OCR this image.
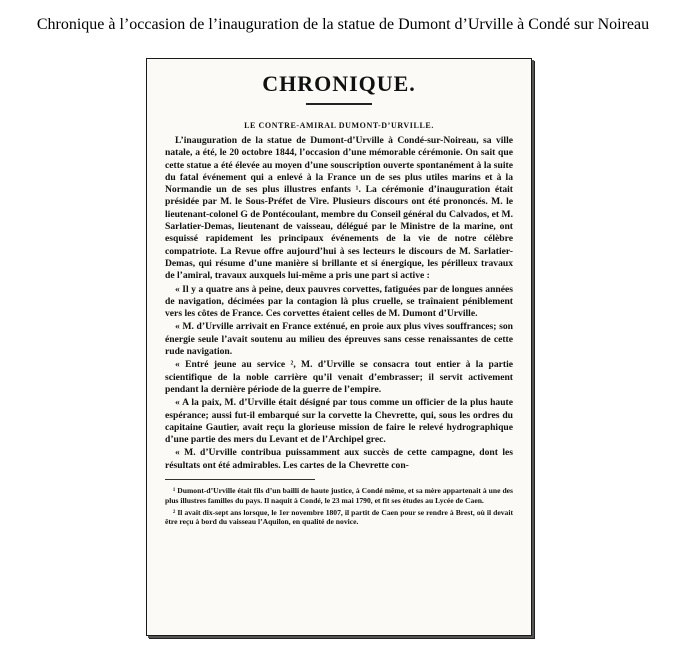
Chronique à l’occasion de l’inauguration de la statue de Dumont d’Urville à Condé sur Noireau
CHRONIQUE.
LE CONTRE-AMIRAL DUMONT-D’URVILLE.

L’inauguration de la statue de Dumont-d’Urville à Condé-sur-Noireau, sa ville natale, a été, le 20 octobre 1844, l’occasion d’une mémorable cérémonie. On sait que cette statue a été élevée au moyen d’une souscription ouverte spontanément à la suite du fatal événement qui a enlevé à la France un de ses plus utiles marins et à la Normandie un de ses plus illustres enfants ¹. La cérémonie d’inauguration était présidée par M. le Sous-Préfet de Vire. Plusieurs discours ont été prononcés. M. le lieutenant-colonel G de Pontécoulant, membre du Conseil général du Calvados, et M. Sarlatier-Demas, lieutenant de vaisseau, délégué par le Ministre de la marine, ont esquissé rapidement les principaux événements de la vie de notre célèbre compatriote. La Revue offre aujourd’hui à ses lecteurs le discours de M. Sarlatier-Demas, qui résume d’une manière si brillante et si énergique, les périlleux travaux de l’amiral, travaux auxquels lui-même a pris une part si active :

« Il y a quatre ans à peine, deux pauvres corvettes, fatiguées par de longues années de navigation, décimées par la contagion là plus cruelle, se traînaient péniblement vers les côtes de France. Ces corvettes étaient celles de M. Dumont d’Urville.

« M. d’Urville arrivait en France exténué, en proie aux plus vives souffrances; son énergie seule l’avait soutenu au milieu des épreuves sans cesse renaissantes de cette rude navigation.

« Entré jeune au service ², M. d’Urville se consacra tout entier à la partie scientifique de la noble carrière qu’il venait d’embrasser; il servit activement pendant la dernière période de la guerre de l’empire.

« A la paix, M. d’Urville était désigné par tous comme un officier de la plus haute espérance; aussi fut-il embarqué sur la corvette la Chevrette, qui, sous les ordres du capitaine Gautier, avait reçu la glorieuse mission de faire le relevé hydrographique d’une partie des mers du Levant et de l’Archipel grec.

« M. d’Urville contribua puissamment aux succès de cette campagne, dont les résultats ont été admirables. Les cartes de la Chevrette con-

¹ Dumont-d’Urville était fils d’un bailli de haute justice, à Condé même, et sa mère appartenait à une des plus illustres familles du pays. Il naquit à Condé, le 23 mai 1790, et fit ses études au Lycée de Caen.

² Il avait dix-sept ans lorsque, le 1er novembre 1807, il partit de Caen pour se rendre à Brest, où il devait être reçu à bord du vaisseau l’Aquilon, en qualité de novice.
